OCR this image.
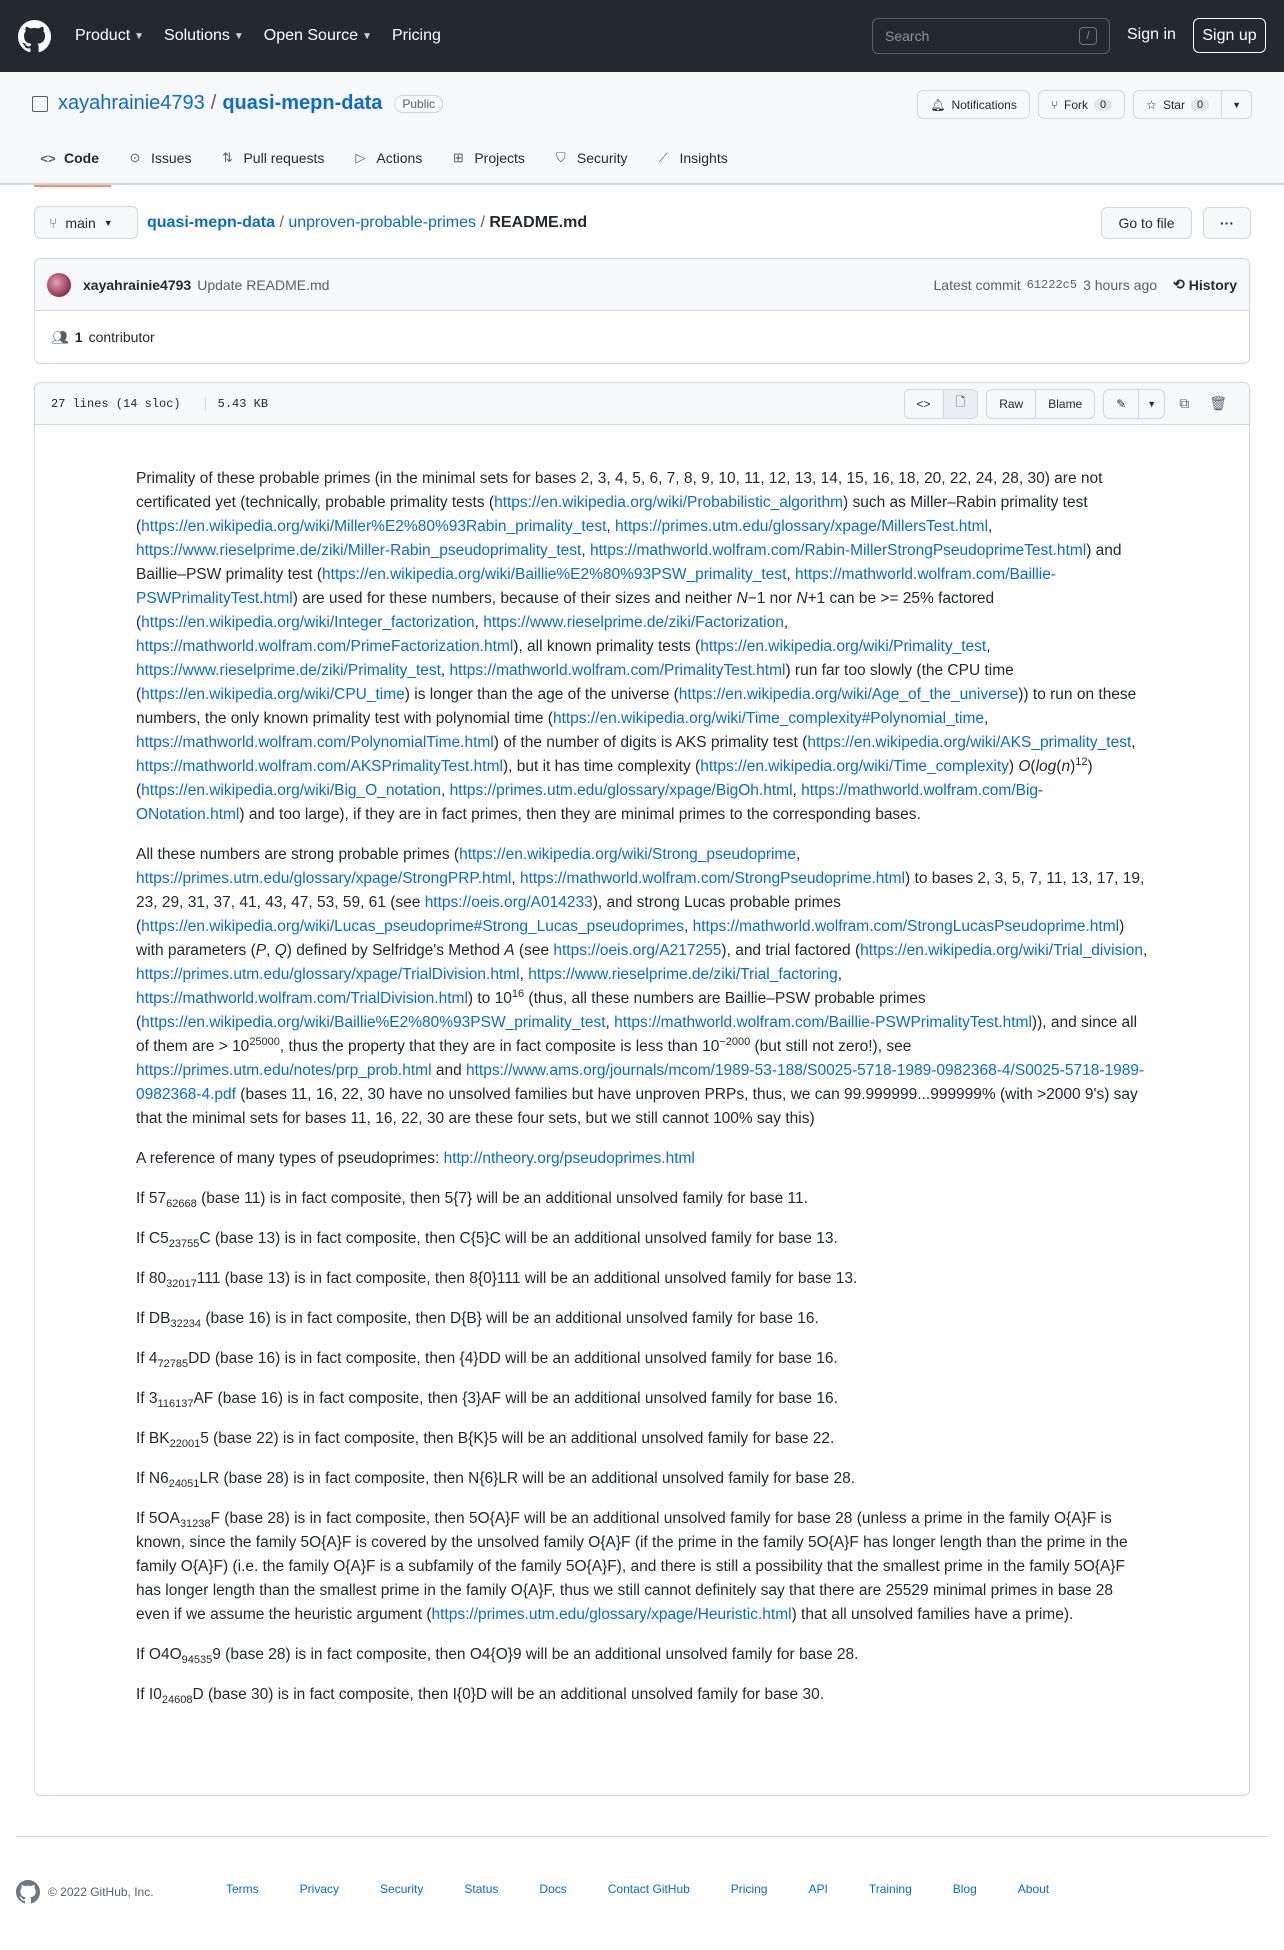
Product ▼ Solutions ▼ Open Source ▼ Pricing	Search	/	Sign in	Sign up
xayahrainie4793 / quasi-mepn-data	Public	🔔︎ Notifications	⑂ Fork	0	☆ Star	0	▼
<> Code ⊙ Issues ⇅ Pull requests ▷ Actions ⊞ Projects ⛉ Security ⟋ Insights
⑂ main ▼ quasi-mepn-data / unproven-probable-primes / README.md	Go to file	···
xayahrainie4793 Update README.md	Latest commit 61222c5 3 hours ago ⟲ History
👥︎ 1 contributor
27 lines (14 sloc)	5.43 KB	<> 🗋︎	Raw	Blame	✎ ▼	⧉	🗑︎

Primality of these probable primes (in the minimal sets for bases 2, 3, 4, 5, 6, 7, 8, 9, 10, 11, 12, 13, 14, 15, 16, 18, 20, 22, 24, 28, 30) are not certificated yet (technically, probable primality tests (https://en.wikipedia.org/wiki/Probabilistic_algorithm) such as Miller–Rabin primality test (https://en.wikipedia.org/wiki/Miller%E2%80%93Rabin_primality_test, https://primes.utm.edu/glossary/xpage/MillersTest.html, https://www.rieselprime.de/ziki/Miller-Rabin_pseudoprimality_test, https://mathworld.wolfram.com/Rabin-MillerStrongPseudoprimeTest.html) and Baillie–PSW primality test (https://en.wikipedia.org/wiki/Baillie%E2%80%93PSW_primality_test, https://mathworld.wolfram.com/Baillie-PSWPrimalityTest.html) are used for these numbers, because of their sizes and neither N−1 nor N+1 can be >= 25% factored (https://en.wikipedia.org/wiki/Integer_factorization, https://www.rieselprime.de/ziki/Factorization, https://mathworld.wolfram.com/PrimeFactorization.html), all known primality tests (https://en.wikipedia.org/wiki/Primality_test, https://www.rieselprime.de/ziki/Primality_test, https://mathworld.wolfram.com/PrimalityTest.html) run far too slowly (the CPU time (https://en.wikipedia.org/wiki/CPU_time) is longer than the age of the universe (https://en.wikipedia.org/wiki/Age_of_the_universe)) to run on these numbers, the only known primality test with polynomial time (https://en.wikipedia.org/wiki/Time_complexity#Polynomial_time, https://mathworld.wolfram.com/PolynomialTime.html) of the number of digits is AKS primality test (https://en.wikipedia.org/wiki/AKS_primality_test, https://mathworld.wolfram.com/AKSPrimalityTest.html), but it has time complexity (https://en.wikipedia.org/wiki/Time_complexity) $O(\log(n)^{12})$ (https://en.wikipedia.org/wiki/Big_O_notation, https://primes.utm.edu/glossary/xpage/BigOh.html, https://mathworld.wolfram.com/Big-ONotation.html) and too large), if they are in fact primes, then they are minimal primes to the corresponding bases.

All these numbers are strong probable primes (https://en.wikipedia.org/wiki/Strong_pseudoprime, https://primes.utm.edu/glossary/xpage/StrongPRP.html, https://mathworld.wolfram.com/StrongPseudoprime.html) to bases 2, 3, 5, 7, 11, 13, 17, 19, 23, 29, 31, 37, 41, 43, 47, 53, 59, 61 (see https://oeis.org/A014233), and strong Lucas probable primes (https://en.wikipedia.org/wiki/Lucas_pseudoprime#Strong_Lucas_pseudoprimes, https://mathworld.wolfram.com/StrongLucasPseudoprime.html) with parameters (P, Q) defined by Selfridge's Method A (see https://oeis.org/A217255), and trial factored (https://en.wikipedia.org/wiki/Trial_division, https://primes.utm.edu/glossary/xpage/TrialDivision.html, https://www.rieselprime.de/ziki/Trial_factoring, https://mathworld.wolfram.com/TrialDivision.html) to $10^{16}$ (thus, all these numbers are Baillie–PSW probable primes (https://en.wikipedia.org/wiki/Baillie%E2%80%93PSW_primality_test, https://mathworld.wolfram.com/Baillie-PSWPrimalityTest.html)), and since all of them are > $10^{25000}$, thus the property that they are in fact composite is less than $10^{-2000}$ (but still not zero!), see https://primes.utm.edu/notes/prp_prob.html and https://www.ams.org/journals/mcom/1989-53-188/S0025-5718-1989-0982368-4/S0025-5718-1989-0982368-4.pdf (bases 11, 16, 22, 30 have no unsolved families but have unproven PRPs, thus, we can 99.999999...999999% (with >2000 9's) say that the minimal sets for bases 11, 16, 22, 30 are these four sets, but we still cannot 100% say this)

A reference of many types of pseudoprimes: http://ntheory.org/pseudoprimes.html

If $57_{62668}$ (base 11) is in fact composite, then 5{7} will be an additional unsolved family for base 11.

If $C5_{23755}C$ (base 13) is in fact composite, then C{5}C will be an additional unsolved family for base 13.

If $80_{32017}111$ (base 13) is in fact composite, then 8{0}111 will be an additional unsolved family for base 13.

If $DB_{32234}$ (base 16) is in fact composite, then D{B} will be an additional unsolved family for base 16.

If $4_{72785}DD$ (base 16) is in fact composite, then {4}DD will be an additional unsolved family for base 16.

If $3_{116137}AF$ (base 16) is in fact composite, then {3}AF will be an additional unsolved family for base 16.

If $BK_{22001}5$ (base 22) is in fact composite, then B{K}5 will be an additional unsolved family for base 22.

If $N6_{24051}LR$ (base 28) is in fact composite, then N{6}LR will be an additional unsolved family for base 28.

If $5OA_{31238}F$ (base 28) is in fact composite, then 5O{A}F will be an additional unsolved family for base 28 (unless a prime in the family O{A}F is known, since the family 5O{A}F is covered by the unsolved family O{A}F (if the prime in the family 5O{A}F has longer length than the prime in the family O{A}F) (i.e. the family O{A}F is a subfamily of the family 5O{A}F), and there is still a possibility that the smallest prime in the family 5O{A}F has longer length than the smallest prime in the family O{A}F, thus we still cannot definitely say that there are 25529 minimal primes in base 28 even if we assume the heuristic argument (https://primes.utm.edu/glossary/xpage/Heuristic.html) that all unsolved families have a prime).

If $O4O_{94535}9$ (base 28) is in fact composite, then O4{O}9 will be an additional unsolved family for base 28.

If $I0_{24608}D$ (base 30) is in fact composite, then I{0}D will be an additional unsolved family for base 30.

© 2022 GitHub, Inc.	Terms	Privacy	Security	Status	Docs	Contact GitHub	Pricing	API	Training	Blog	About
